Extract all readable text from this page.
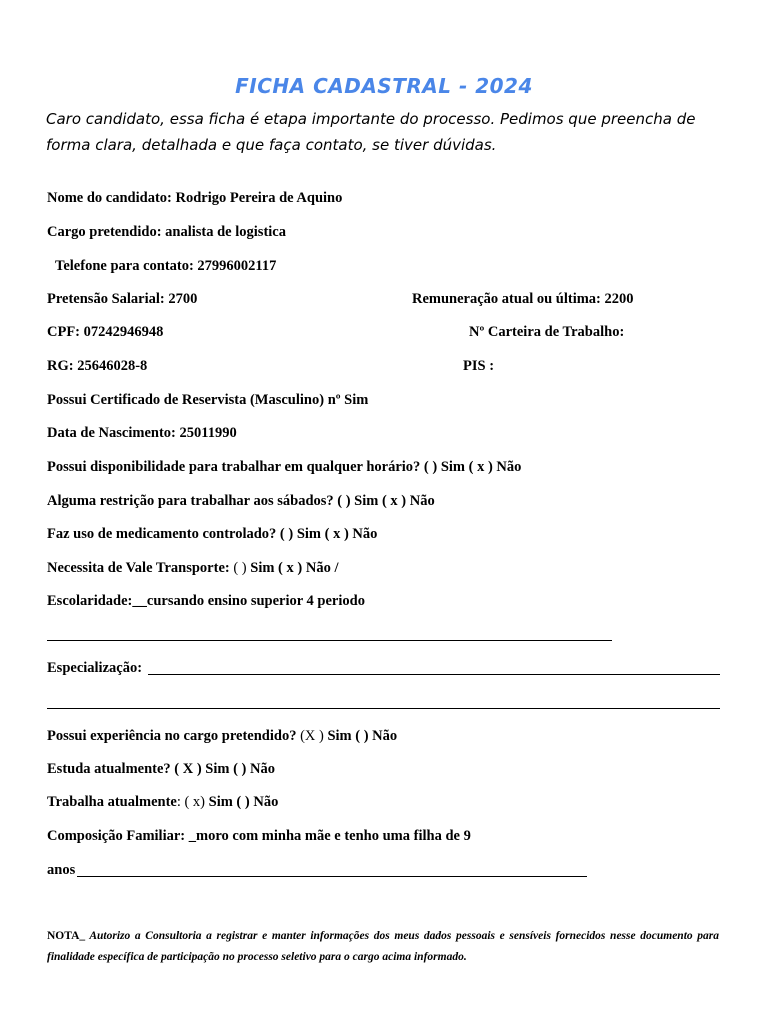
FICHA CADASTRAL - 2024
Caro candidato, essa ficha é etapa importante do processo. Pedimos que preencha de forma clara, detalhada e que faça contato, se tiver dúvidas.
Nome do candidato: Rodrigo Pereira de Aquino
Cargo pretendido: analista de logistica
Telefone para contato: 27996002117
Pretensão Salarial: 2700	Remuneração atual ou última: 2200
CPF: 07242946948	Nº Carteira de Trabalho:
RG: 25646028-8	PIS :
Possui Certificado de Reservista (Masculino) nº Sim
Data de Nascimento: 25011990
Possui disponibilidade para trabalhar em qualquer horário? ( ) Sim ( x ) Não
Alguma restrição para trabalhar aos sábados? ( ) Sim ( x ) Não
Faz uso de medicamento controlado? ( ) Sim ( x ) Não
Necessita de Vale Transporte: ( ) Sim ( x ) Não /
Escolaridade:__cursando ensino superior 4 periodo
Especialização:
Possui experiência no cargo pretendido? (X ) Sim ( ) Não
Estuda atualmente? ( X ) Sim ( ) Não
Trabalha atualmente: ( x) Sim ( ) Não
Composição Familiar: _moro com minha mãe e tenho uma filha de 9
anos
NOTA_ Autorizo a Consultoria a registrar e manter informações dos meus dados pessoais e sensíveis fornecidos nesse documento para finalidade específica de participação no processo seletivo para o cargo acima informado.
